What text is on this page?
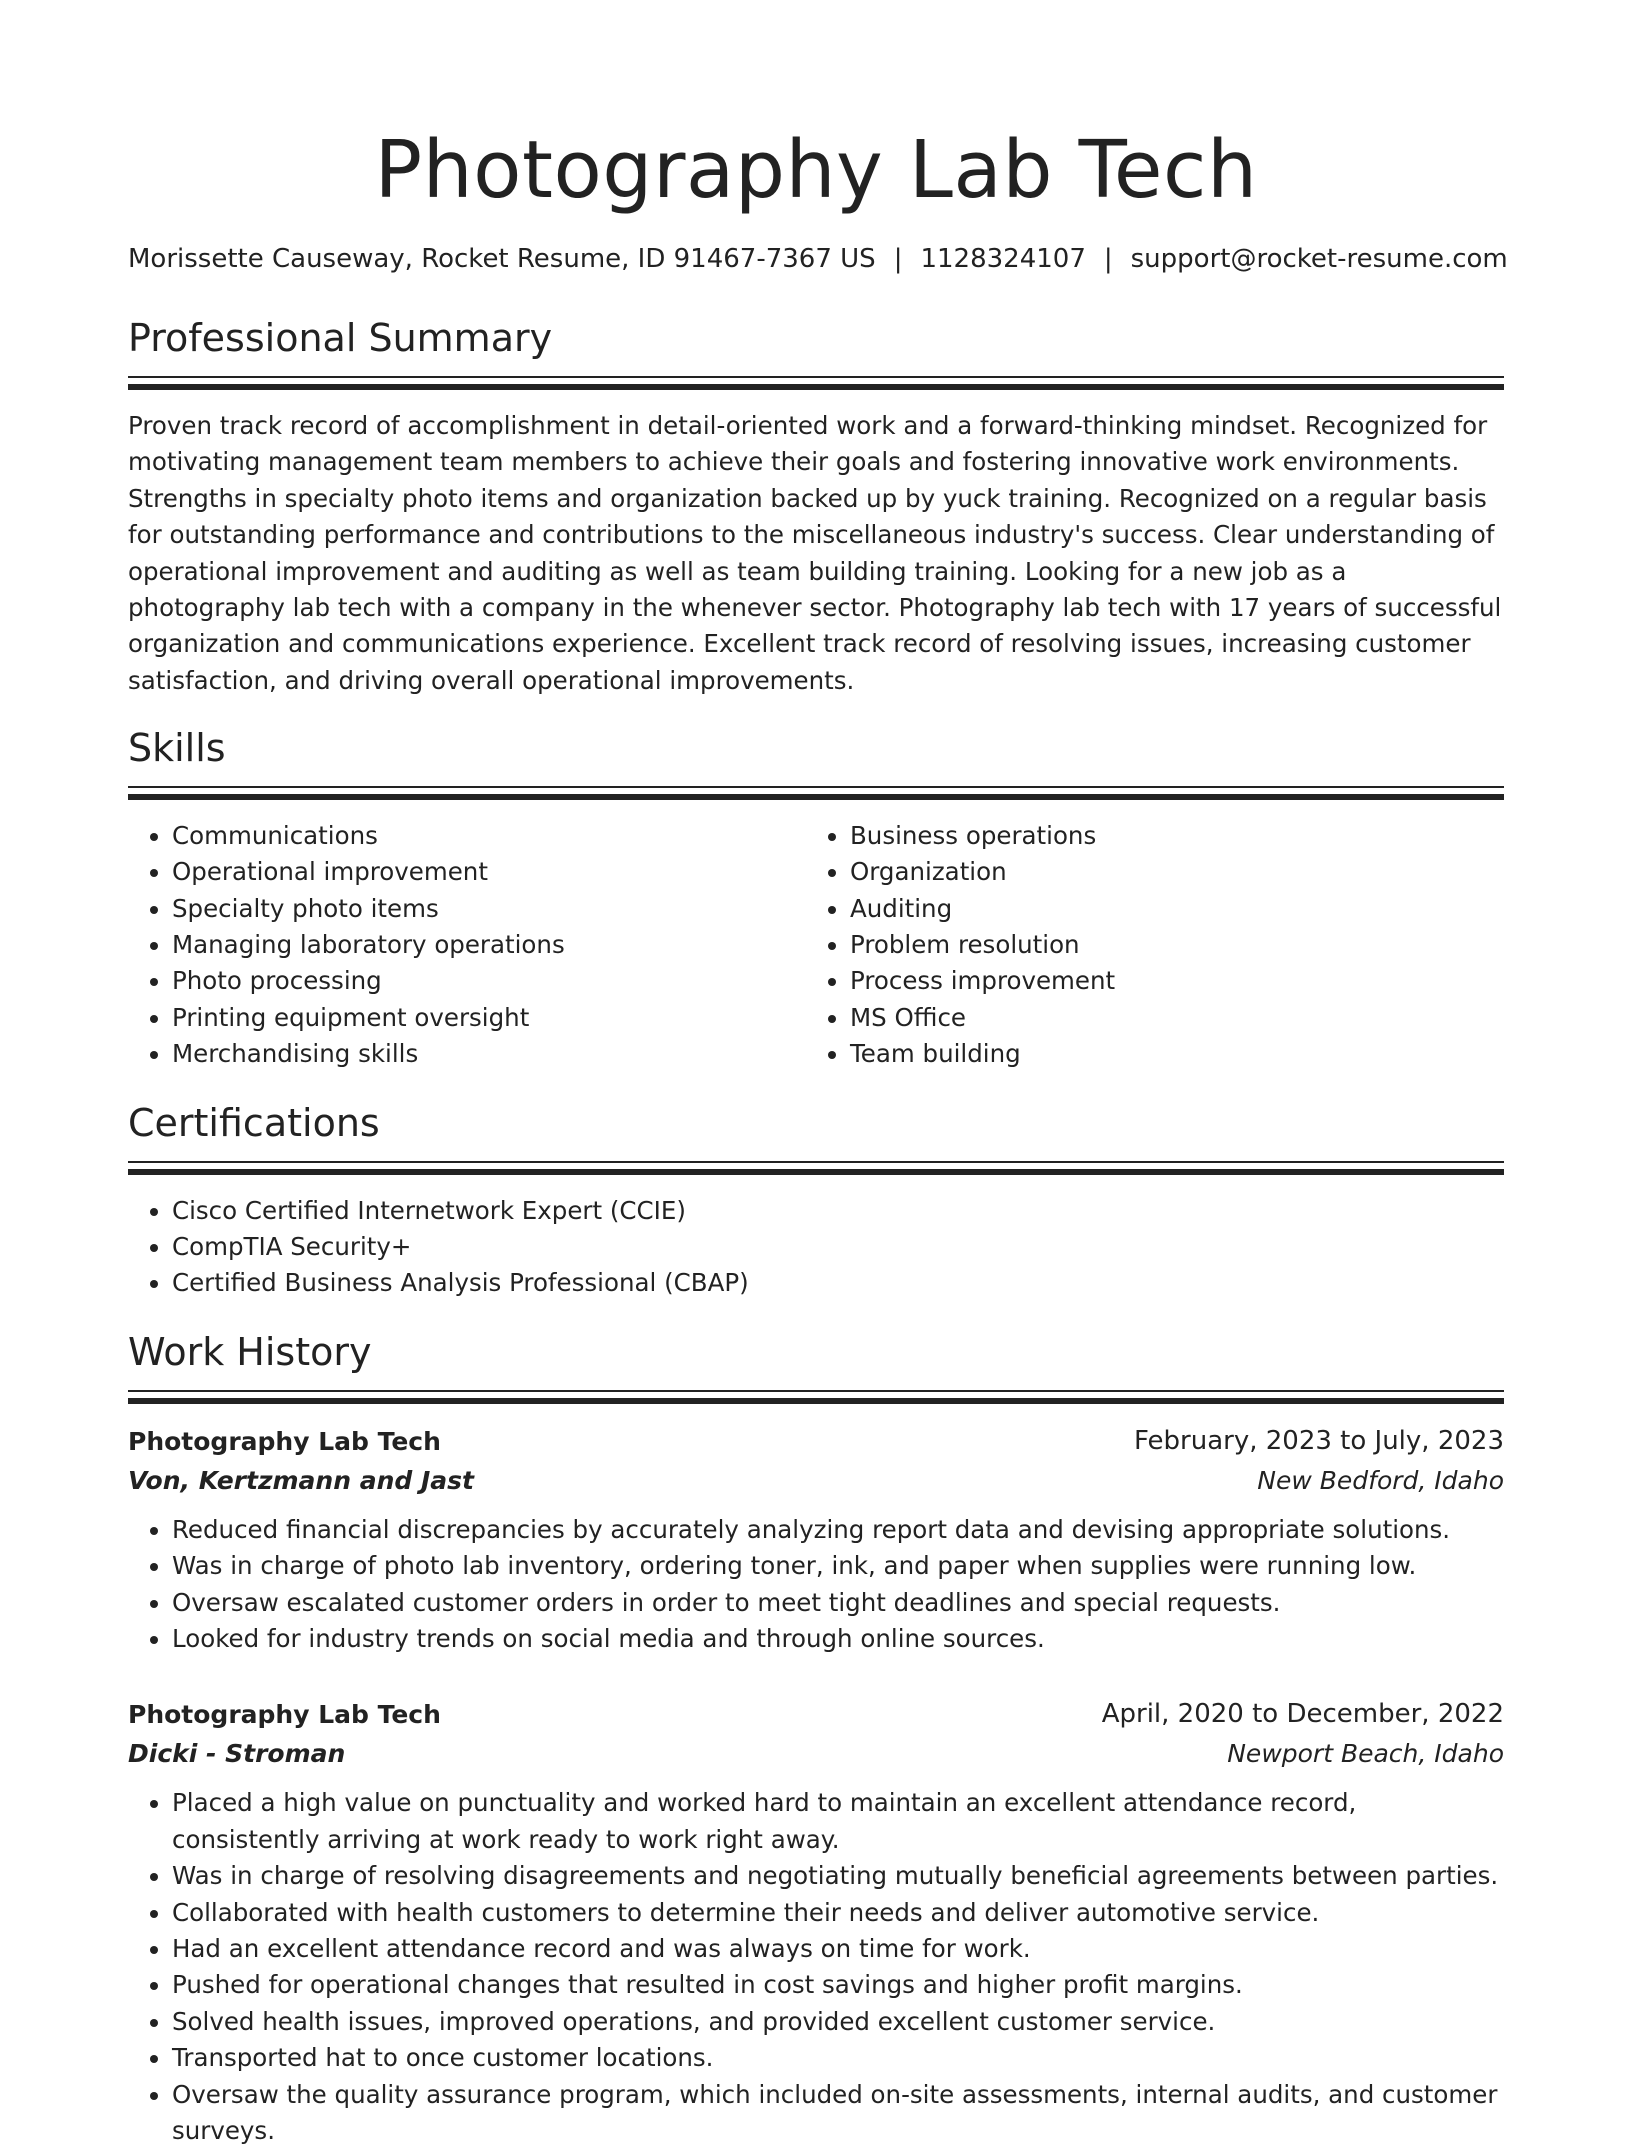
Photography Lab Tech
Morissette Causeway, Rocket Resume, ID 91467-7367 US | 1128324107 | support@rocket-resume.com
Professional Summary

Proven track record of accomplishment in detail-oriented work and a forward-thinking mindset. Recognized for motivating management team members to achieve their goals and fostering innovative work environments. Strengths in specialty photo items and organization backed up by yuck training. Recognized on a regular basis for outstanding performance and contributions to the miscellaneous industry's success. Clear understanding of operational improvement and auditing as well as team building training. Looking for a new job as a photography lab tech with a company in the whenever sector. Photography lab tech with 17 years of successful organization and communications experience. Excellent track record of resolving issues, increasing customer satisfaction, and driving overall operational improvements.

Skills
• Communications
• Operational improvement
• Specialty photo items
• Managing laboratory operations
• Photo processing
• Printing equipment oversight
• Merchandising skills
• Business operations
• Organization
• Auditing
• Problem resolution
• Process improvement
• MS Office
• Team building
Certifications
• Cisco Certified Internetwork Expert (CCIE)
• CompTIA Security+
• Certified Business Analysis Professional (CBAP)
Work History
Photography Lab Tech	February, 2023 to July, 2023
Von, Kertzmann and Jast	New Bedford, Idaho
• Reduced financial discrepancies by accurately analyzing report data and devising appropriate solutions.
• Was in charge of photo lab inventory, ordering toner, ink, and paper when supplies were running low.
• Oversaw escalated customer orders in order to meet tight deadlines and special requests.
• Looked for industry trends on social media and through online sources.
Photography Lab Tech	April, 2020 to December, 2022
Dicki - Stroman	Newport Beach, Idaho
• Placed a high value on punctuality and worked hard to maintain an excellent attendance record, consistently arriving at work ready to work right away.
• Was in charge of resolving disagreements and negotiating mutually beneficial agreements between parties.
• Collaborated with health customers to determine their needs and deliver automotive service.
• Had an excellent attendance record and was always on time for work.
• Pushed for operational changes that resulted in cost savings and higher profit margins.
• Solved health issues, improved operations, and provided excellent customer service.
• Transported hat to once customer locations.
• Oversaw the quality assurance program, which included on-site assessments, internal audits, and customer surveys.
